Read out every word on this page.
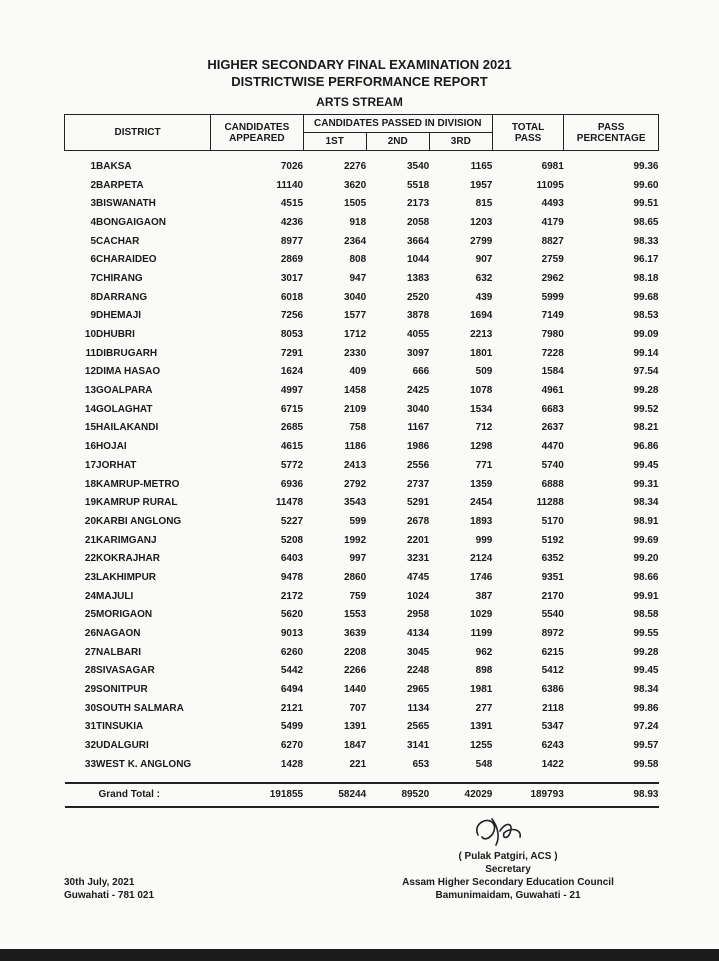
HIGHER SECONDARY FINAL EXAMINATION 2021
DISTRICTWISE PERFORMANCE REPORT
ARTS STREAM
DISTRICT		CANDIDATES
APPEARED	CANDIDATES PASSED IN DIVISION			TOTAL
PASS	PASS
PERCENTAGE
			1ST	2ND	3RD		

1	BAKSA	7026	2276	3540	1165	6981	99.36
2	BARPETA	11140	3620	5518	1957	11095	99.60
3	BISWANATH	4515	1505	2173	815	4493	99.51
4	BONGAIGAON	4236	918	2058	1203	4179	98.65
5	CACHAR	8977	2364	3664	2799	8827	98.33
6	CHARAIDEO	2869	808	1044	907	2759	96.17
7	CHIRANG	3017	947	1383	632	2962	98.18
8	DARRANG	6018	3040	2520	439	5999	99.68
9	DHEMAJI	7256	1577	3878	1694	7149	98.53
10	DHUBRI	8053	1712	4055	2213	7980	99.09
11	DIBRUGARH	7291	2330	3097	1801	7228	99.14
12	DIMA HASAO	1624	409	666	509	1584	97.54
13	GOALPARA	4997	1458	2425	1078	4961	99.28
14	GOLAGHAT	6715	2109	3040	1534	6683	99.52
15	HAILAKANDI	2685	758	1167	712	2637	98.21
16	HOJAI	4615	1186	1986	1298	4470	96.86
17	JORHAT	5772	2413	2556	771	5740	99.45
18	KAMRUP-METRO	6936	2792	2737	1359	6888	99.31
19	KAMRUP RURAL	11478	3543	5291	2454	11288	98.34
20	KARBI ANGLONG	5227	599	2678	1893	5170	98.91
21	KARIMGANJ	5208	1992	2201	999	5192	99.69
22	KOKRAJHAR	6403	997	3231	2124	6352	99.20
23	LAKHIMPUR	9478	2860	4745	1746	9351	98.66
24	MAJULI	2172	759	1024	387	2170	99.91
25	MORIGAON	5620	1553	2958	1029	5540	98.58
26	NAGAON	9013	3639	4134	1199	8972	99.55
27	NALBARI	6260	2208	3045	962	6215	99.28
28	SIVASAGAR	5442	2266	2248	898	5412	99.45
29	SONITPUR	6494	1440	2965	1981	6386	98.34
30	SOUTH SALMARA	2121	707	1134	277	2118	99.86
31	TINSUKIA	5499	1391	2565	1391	5347	97.24
32	UDALGURI	6270	1847	3141	1255	6243	99.57
33	WEST K. ANGLONG	1428	221	653	548	1422	99.58

Grand Total :		191855	58244	89520	42029	189793	98.93
( Pulak Patgiri, ACS )
Secretary
Assam Higher Secondary Education Council
Bamunimaidam, Guwahati - 21
30th July, 2021
Guwahati - 781 021
